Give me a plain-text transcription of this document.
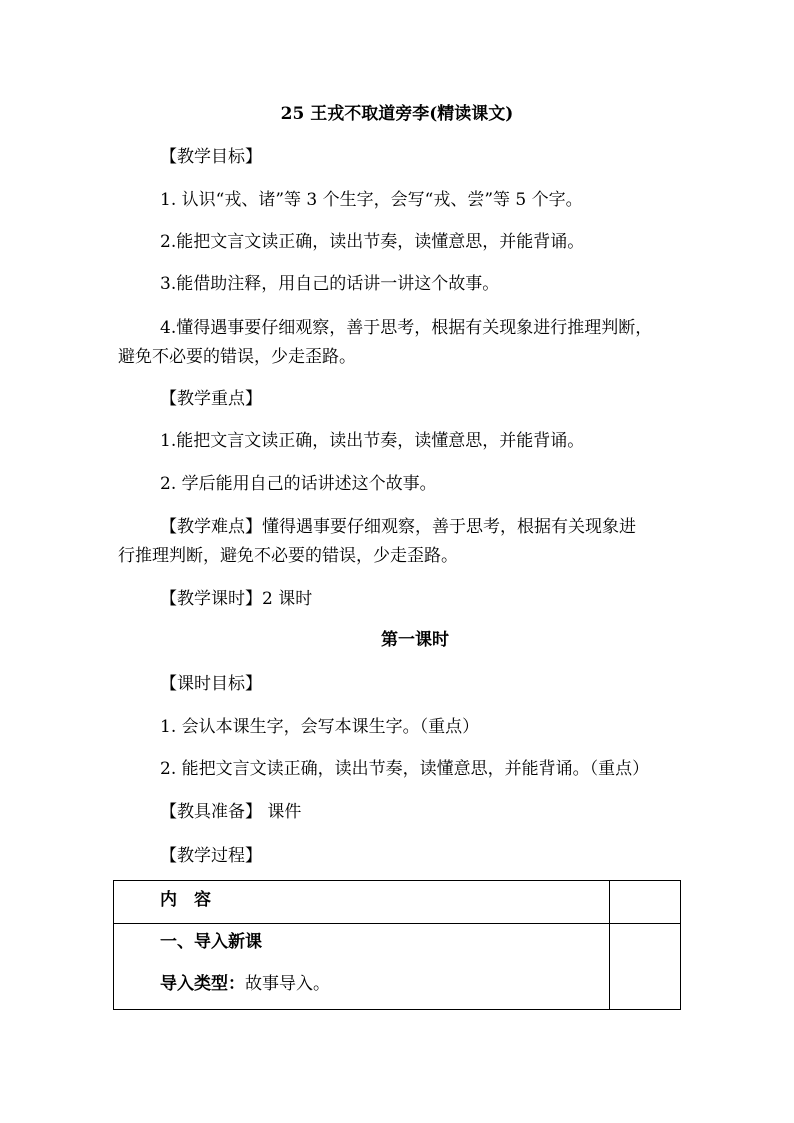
25 王戎不取道旁李(精读课文)
【教学目标】
1. 认识“戎、诸”等 3 个生字，会写“戎、尝”等 5 个字。
2.能把文言文读正确，读出节奏，读懂意思，并能背诵。
3.能借助注释，用自己的话讲一讲这个故事。
4.懂得遇事要仔细观察，善于思考，根据有关现象进行推理判断，
避免不必要的错误，少走歪路。
【教学重点】
1.能把文言文读正确，读出节奏，读懂意思，并能背诵。
2. 学后能用自己的话讲述这个故事。
【教学难点】懂得遇事要仔细观察，善于思考，根据有关现象进
行推理判断，避免不必要的错误，少走歪路。
【教学课时】2 课时
第一课时
【课时目标】
1. 会认本课生字，会写本课生字。（重点）
2. 能把文言文读正确，读出节奏，读懂意思，并能背诵。（重点）
【教具准备】 课件
【教学过程】
内　容	

一、导入新课
导入类型：故事导入。	
